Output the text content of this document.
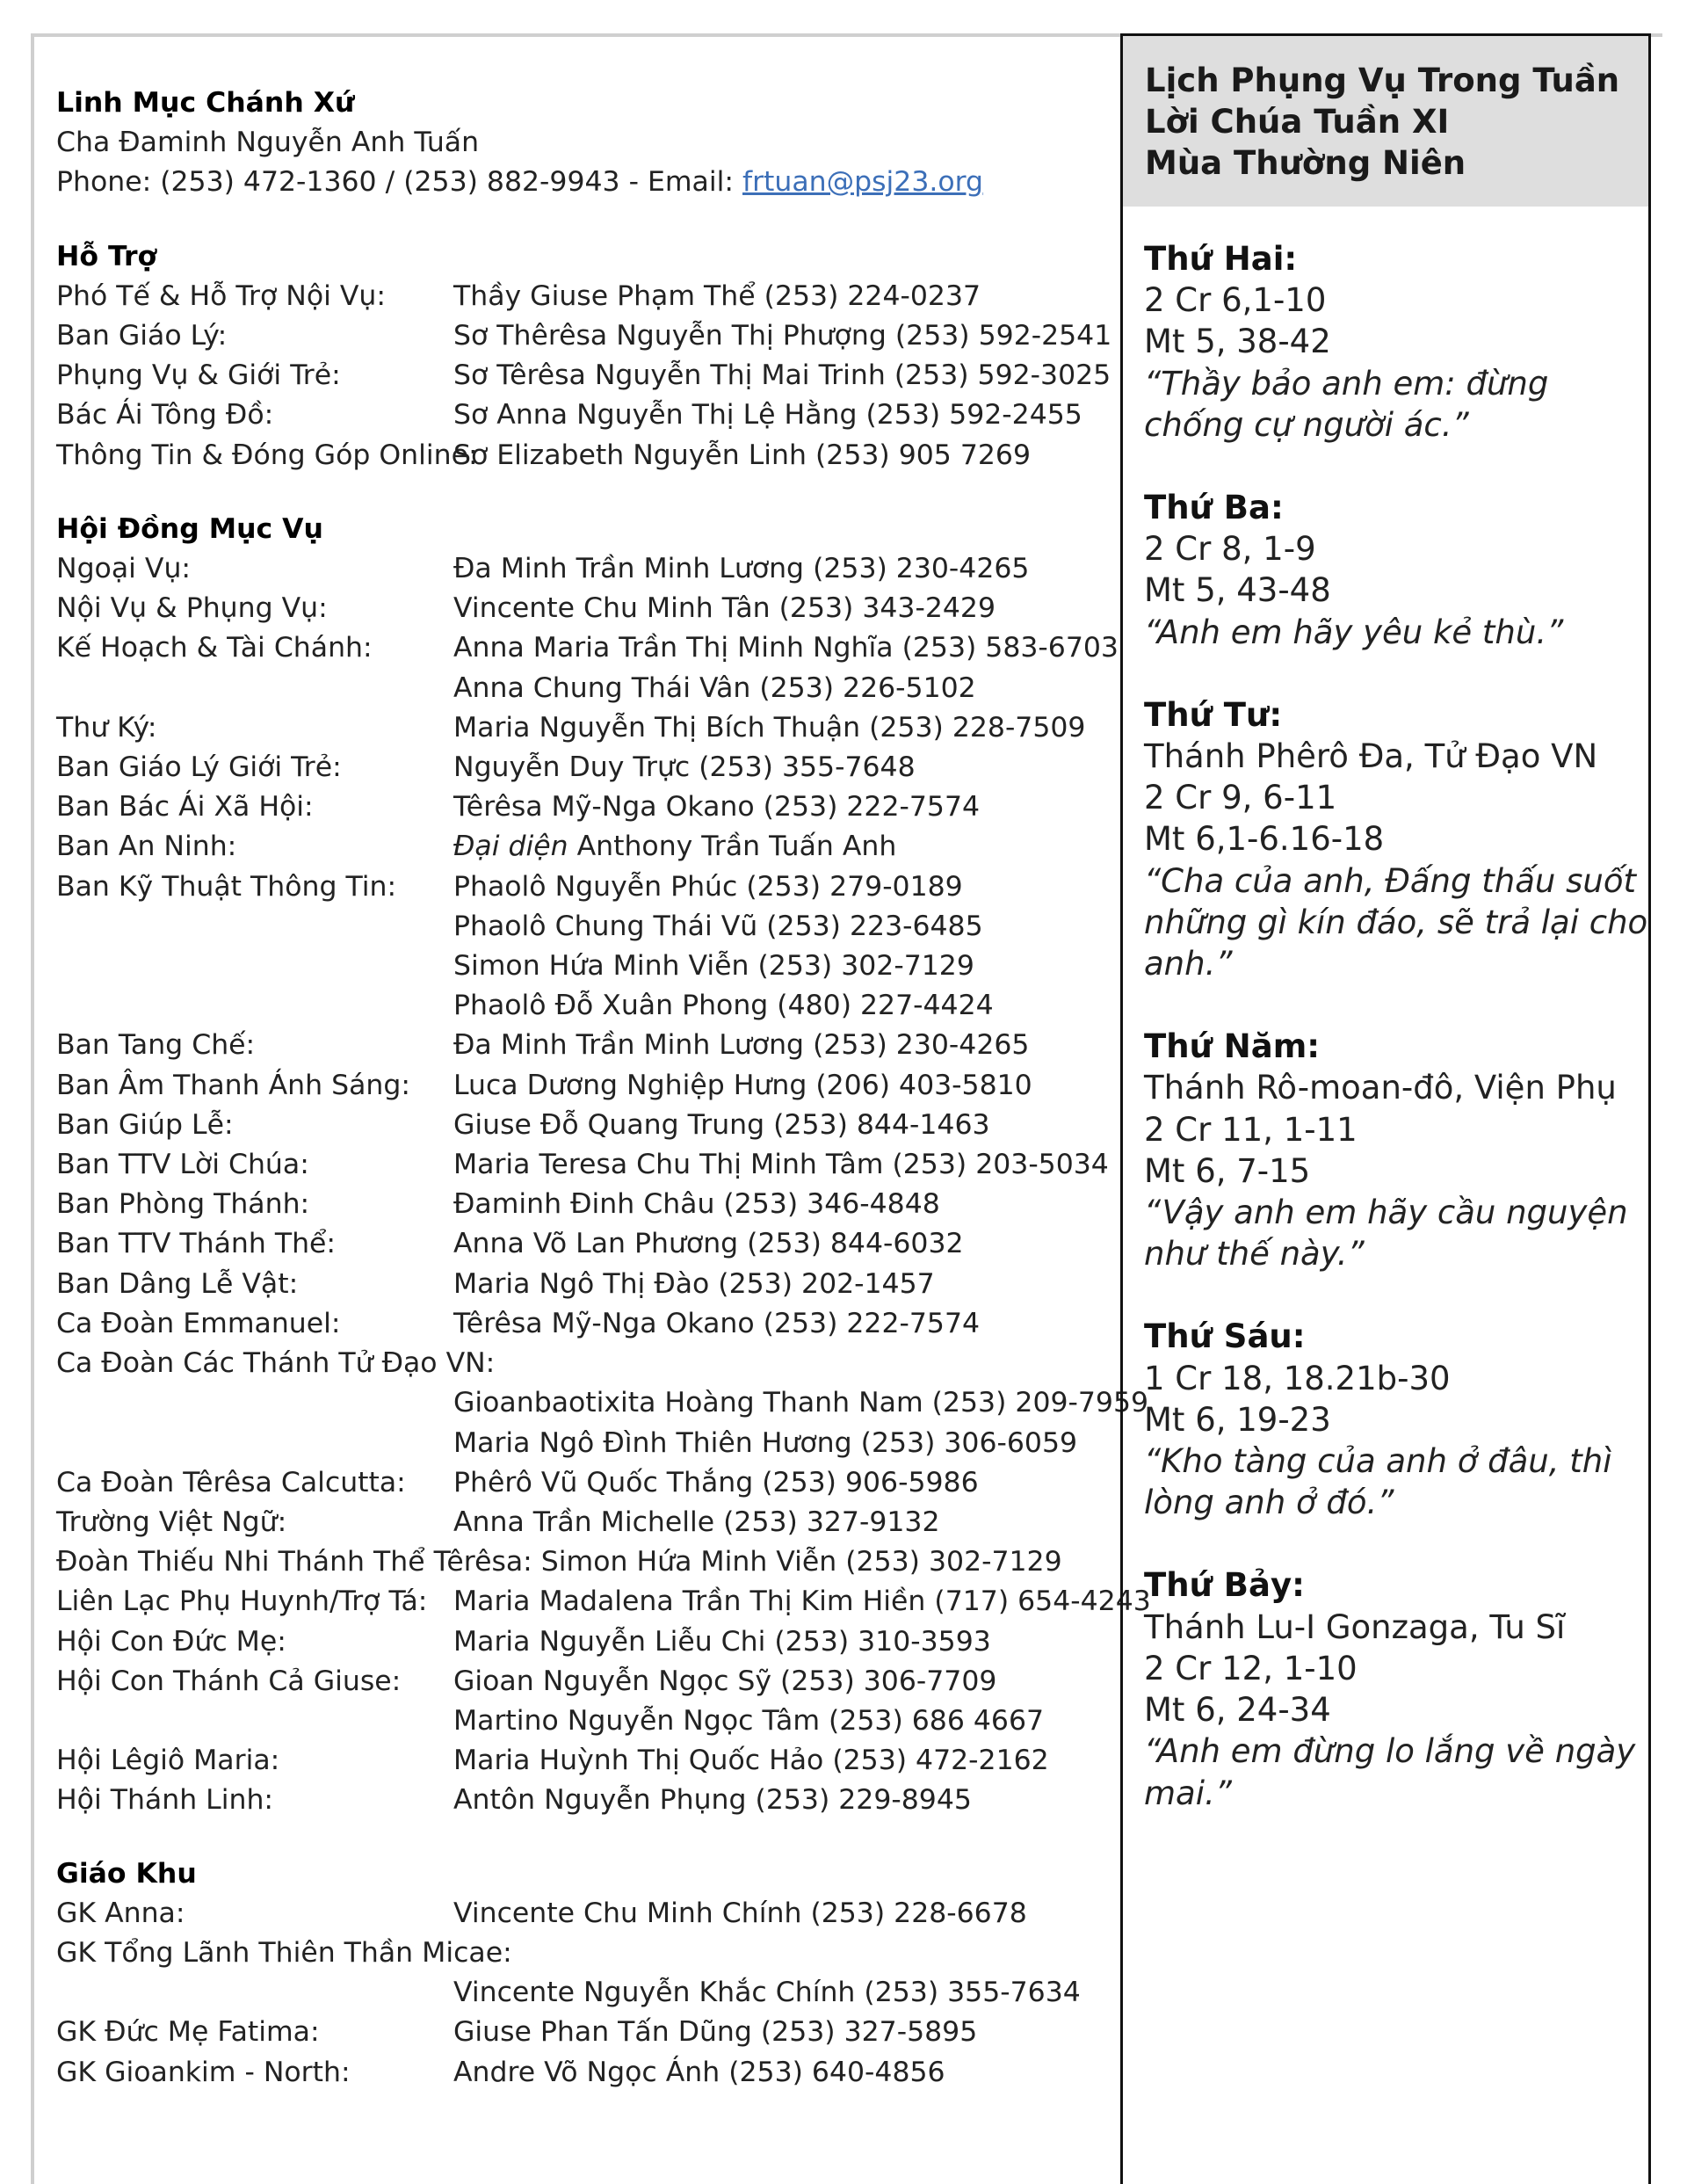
Linh Mục Chánh Xứ
Cha Đaminh Nguyễn Anh Tuấn
Phone: (253) 472-1360 / (253) 882-9943 - Email: frtuan@psj23.org
Hỗ Trợ
Phó Tế & Hỗ Trợ Nội Vụ:	Thầy Giuse Phạm Thể (253) 224-0237
Ban Giáo Lý:	Sơ Thêrêsa Nguyễn Thị Phượng (253) 592-2541
Phụng Vụ & Giới Trẻ:	Sơ Têrêsa Nguyễn Thị Mai Trinh (253) 592-3025
Bác Ái Tông Đồ:	Sơ Anna Nguyễn Thị Lệ Hằng (253) 592-2455
Thông Tin & Đóng Góp Online:
Sơ Elizabeth Nguyễn Linh (253) 905 7269
Hội Đồng Mục Vụ
Ngoại Vụ:	Đa Minh Trần Minh Lương (253) 230-4265
Nội Vụ & Phụng Vụ:	Vincente Chu Minh Tân (253) 343-2429
Kế Hoạch & Tài Chánh:	Anna Maria Trần Thị Minh Nghĩa (253) 583-6703
Anna Chung Thái Vân (253) 226-5102
Thư Ký:	Maria Nguyễn Thị Bích Thuận (253) 228-7509
Ban Giáo Lý Giới Trẻ:	Nguyễn Duy Trực (253) 355-7648
Ban Bác Ái Xã Hội:	Têrêsa Mỹ-Nga Okano (253) 222-7574
Ban An Ninh:	Đại diện Anthony Trần Tuấn Anh
Ban Kỹ Thuật Thông Tin:	Phaolô Nguyễn Phúc (253) 279-0189
Phaolô Chung Thái Vũ (253) 223-6485
Simon Hứa Minh Viễn (253) 302-7129
Phaolô Đỗ Xuân Phong (480) 227-4424
Ban Tang Chế:	Đa Minh Trần Minh Lương (253) 230-4265
Ban Âm Thanh Ánh Sáng:	Luca Dương Nghiệp Hưng (206) 403-5810
Ban Giúp Lễ:	Giuse Đỗ Quang Trung (253) 844-1463
Ban TTV Lời Chúa:	Maria Teresa Chu Thị Minh Tâm (253) 203-5034
Ban Phòng Thánh:	Đaminh Đinh Châu (253) 346-4848
Ban TTV Thánh Thể:	Anna Võ Lan Phương (253) 844-6032
Ban Dâng Lễ Vật:	Maria Ngô Thị Đào (253) 202-1457
Ca Đoàn Emmanuel:	Têrêsa Mỹ-Nga Okano (253) 222-7574
Ca Đoàn Các Thánh Tử Đạo VN:
Gioanbaotixita Hoàng Thanh Nam (253) 209-7959
Maria Ngô Đình Thiên Hương (253) 306-6059
Ca Đoàn Têrêsa Calcutta:	Phêrô Vũ Quốc Thắng (253) 906-5986
Trường Việt Ngữ:	Anna Trần Michelle (253) 327-9132
Đoàn Thiếu Nhi Thánh Thể Têrêsa: Simon Hứa Minh Viễn (253) 302-7129
Liên Lạc Phụ Huynh/Trợ Tá: Maria Madalena Trần Thị Kim Hiền (717) 654-4243
Hội Con Đức Mẹ:	Maria Nguyễn Liễu Chi (253) 310-3593
Hội Con Thánh Cả Giuse:	Gioan Nguyễn Ngọc Sỹ (253) 306-7709
Martino Nguyễn Ngọc Tâm (253) 686 4667
Hội Lêgiô Maria:	Maria Huỳnh Thị Quốc Hảo (253) 472-2162
Hội Thánh Linh:	Antôn Nguyễn Phụng (253) 229-8945
Giáo Khu
GK Anna:	Vincente Chu Minh Chính (253) 228-6678
GK Tổng Lãnh Thiên Thần Micae:
Vincente Nguyễn Khắc Chính (253) 355-7634
GK Đức Mẹ Fatima:	Giuse Phan Tấn Dũng (253) 327-5895
GK Gioankim - North:	Andre Võ Ngọc Ánh (253) 640-4856
Lịch Phụng Vụ Trong Tuần
Lời Chúa Tuần XI
Mùa Thường Niên
Thứ Hai:
2 Cr 6,1-10
Mt 5, 38-42
“Thầy bảo anh em: đừng chống cự người ác.”
Thứ Ba:
2 Cr 8, 1-9
Mt 5, 43-48
“Anh em hãy yêu kẻ thù.”
Thứ Tư:
Thánh Phêrô Đa, Tử Đạo VN
2 Cr 9, 6-11
Mt 6,1-6.16-18
“Cha của anh, Đấng thấu suốt những gì kín đáo, sẽ trả lại cho anh.”
Thứ Năm:
Thánh Rô-moan-đô, Viện Phụ
2 Cr 11, 1-11
Mt 6, 7-15
“Vậy anh em hãy cầu nguyện như thế này.”
Thứ Sáu:
1 Cr 18, 18.21b-30
Mt 6, 19-23
“Kho tàng của anh ở đâu, thì lòng anh ở đó.”
Thứ Bảy:
Thánh Lu-I Gonzaga, Tu Sĩ
2 Cr 12, 1-10
Mt 6, 24-34
“Anh em đừng lo lắng về ngày mai.”
